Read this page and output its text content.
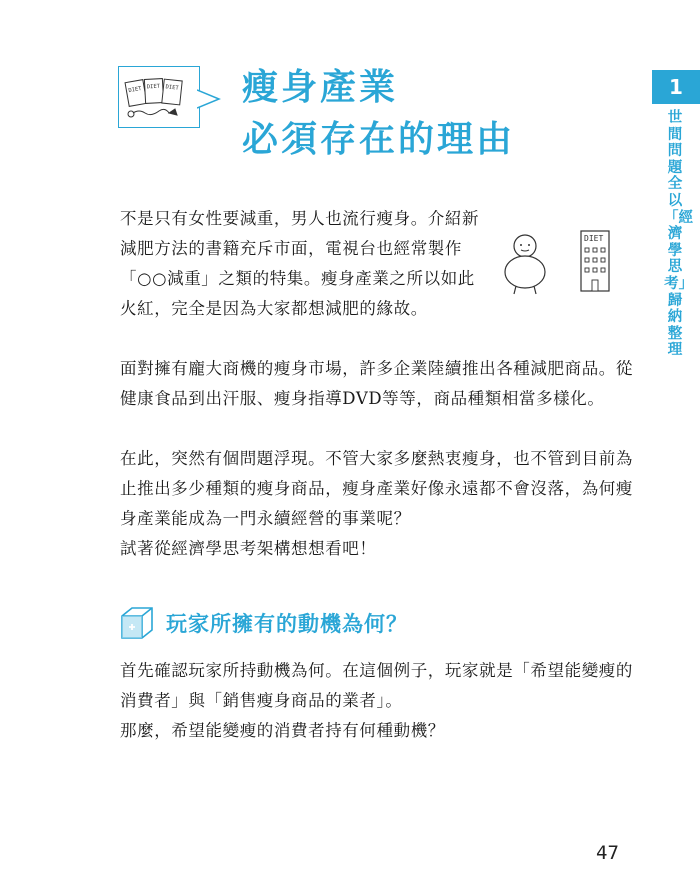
DIET DIET DIET 瘦身產業
必須存在的理由
1
世間問題全以「經濟學思考」歸納整理

不是只有女性要減重，男人也流行瘦身。介紹新減肥方法的書籍充斥市面，電視台也經常製作「○○減重」之類的特集。瘦身產業之所以如此火紅，完全是因為大家都想減肥的緣故。

DIET

面對擁有龐大商機的瘦身市場，許多企業陸續推出各種減肥商品。從健康食品到出汗服、瘦身指導DVD等等，商品種類相當多樣化。

在此，突然有個問題浮現。不管大家多麼熱衷瘦身，也不管到目前為止推出多少種類的瘦身商品，瘦身產業好像永遠都不會沒落，為何瘦身產業能成為一門永續經營的事業呢？

試著從經濟學思考架構想想看吧！

玩家所擁有的動機為何？

首先確認玩家所持動機為何。在這個例子，玩家就是「希望能變瘦的消費者」與「銷售瘦身商品的業者」。

那麼，希望能變瘦的消費者持有何種動機？

47
